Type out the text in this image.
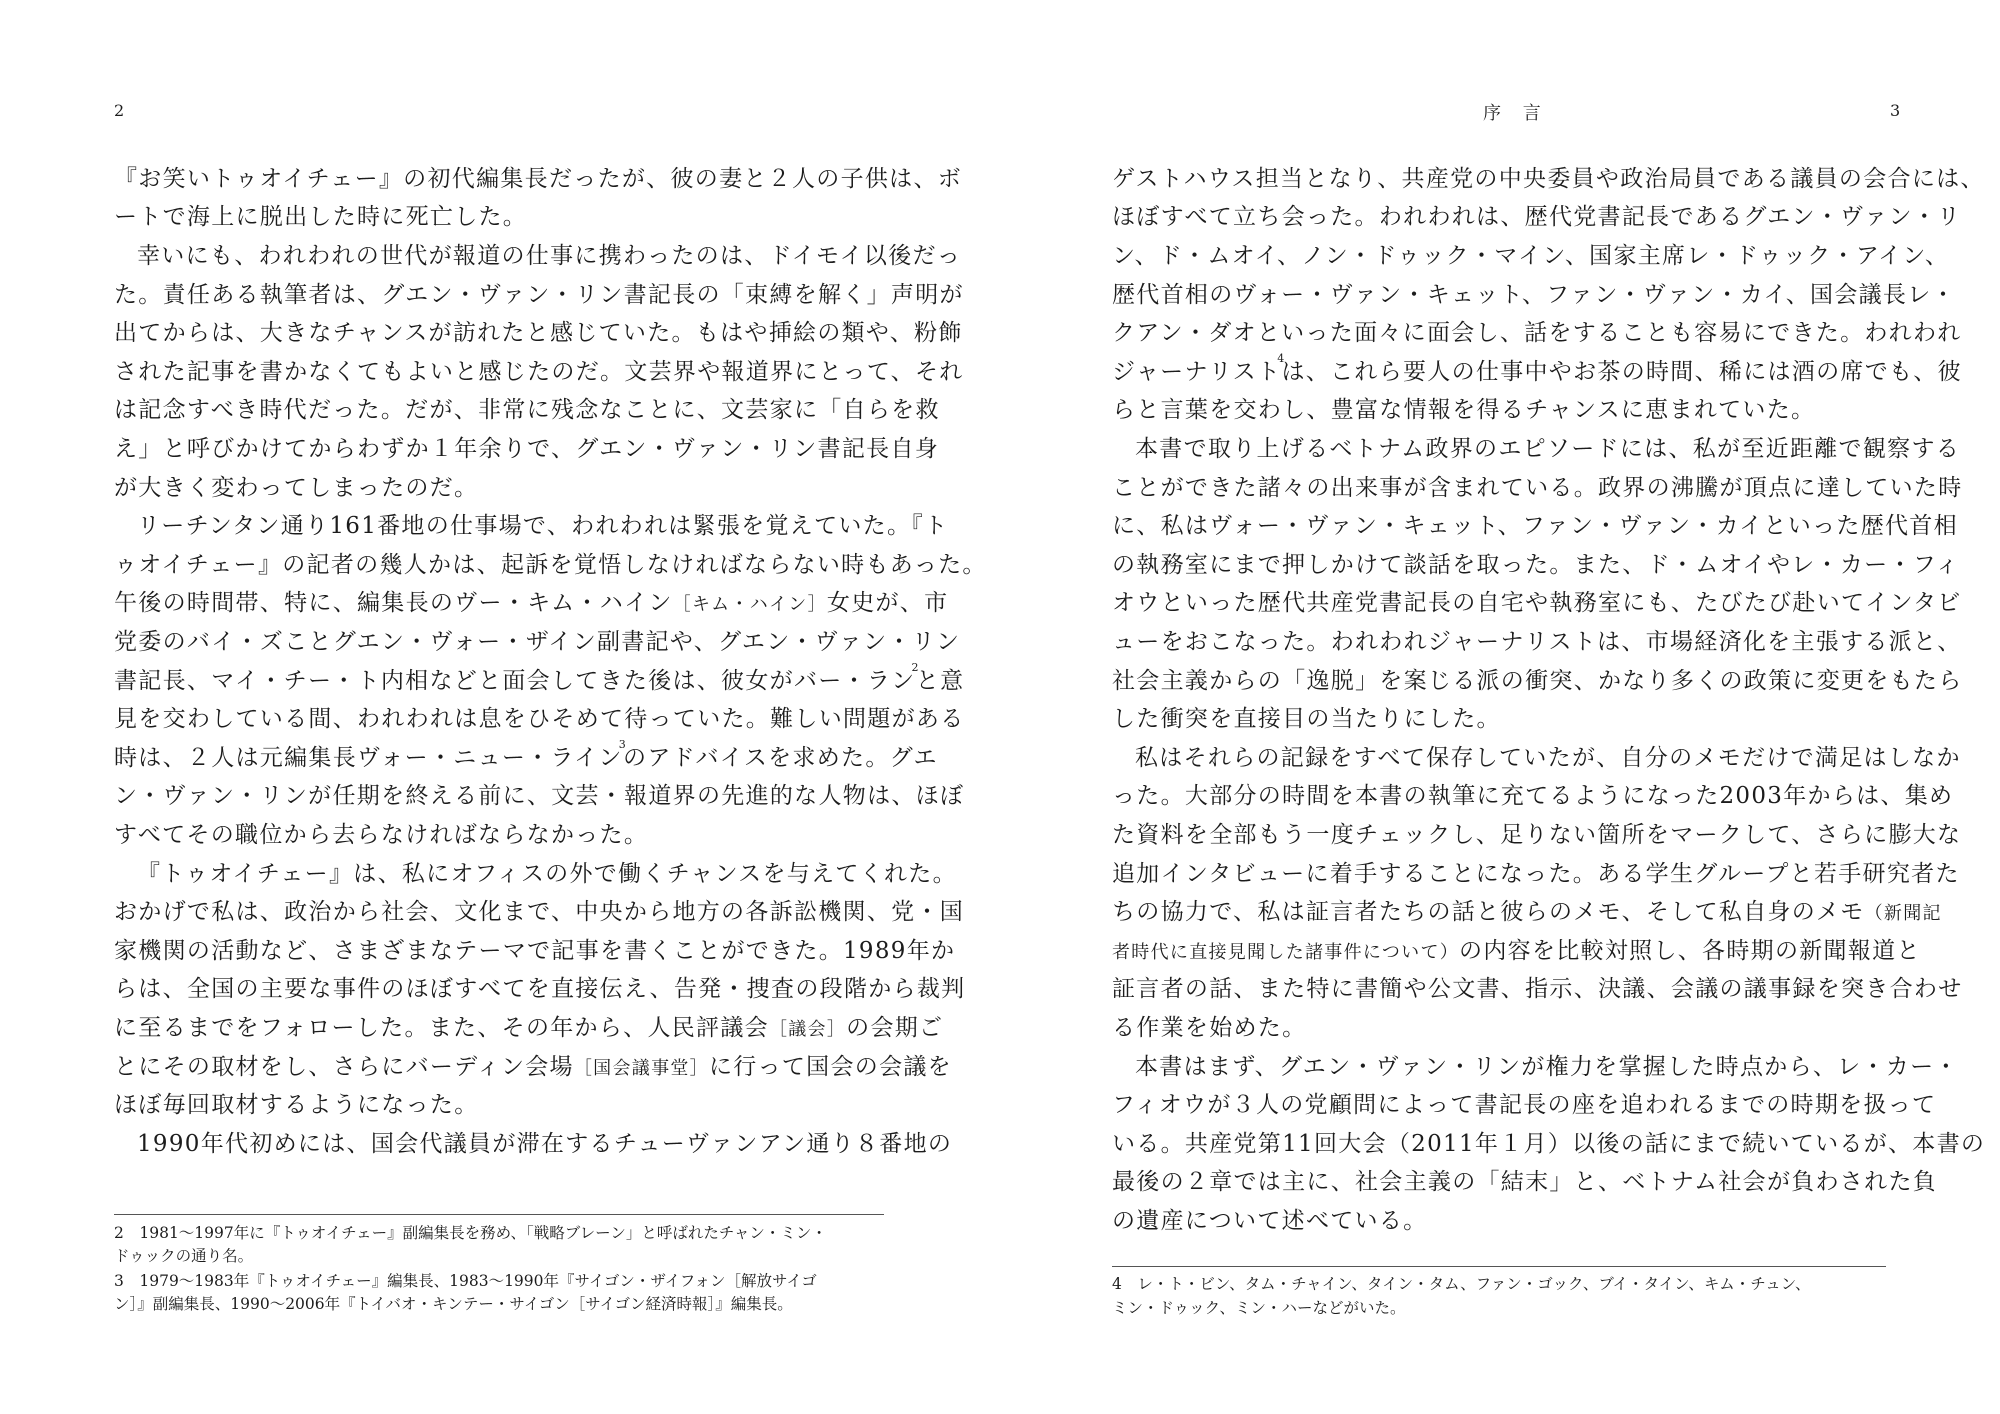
2

『お笑いトゥオイチェー』の初代編集長だったが、彼の妻と２人の子供は、ボ

ートで海上に脱出した時に死亡した。

幸いにも、われわれの世代が報道の仕事に携わったのは、ドイモイ以後だっ

た。責任ある執筆者は、グエン・ヴァン・リン書記長の「束縛を解く」声明が

出てからは、大きなチャンスが訪れたと感じていた。もはや挿絵の類や、粉飾

された記事を書かなくてもよいと感じたのだ。文芸界や報道界にとって、それ

は記念すべき時代だった。だが、非常に残念なことに、文芸家に「自らを救

え」と呼びかけてからわずか１年余りで、グエン・ヴァン・リン書記長自身

が大きく変わってしまったのだ。

リーチンタン通り161番地の仕事場で、われわれは緊張を覚えていた。『ト

ゥオイチェー』の記者の幾人かは、起訴を覚悟しなければならない時もあった。

午後の時間帯、特に、編集長のヴー・キム・ハイン［キム・ハイン］女史が、市

党委のバイ・ズことグエン・ヴォー・ザイン副書記や、グエン・ヴァン・リン

書記長、マイ・チー・ト内相などと面会してきた後は、彼女がバー・ラン$^2$と意

見を交わしている間、われわれは息をひそめて待っていた。難しい問題がある

時は、２人は元編集長ヴォー・ニュー・ライン$^3$のアドバイスを求めた。グエ

ン・ヴァン・リンが任期を終える前に、文芸・報道界の先進的な人物は、ほぼ

すべてその職位から去らなければならなかった。

『トゥオイチェー』は、私にオフィスの外で働くチャンスを与えてくれた。

おかげで私は、政治から社会、文化まで、中央から地方の各訴訟機関、党・国

家機関の活動など、さまざまなテーマで記事を書くことができた。1989年か

らは、全国の主要な事件のほぼすべてを直接伝え、告発・捜査の段階から裁判

に至るまでをフォローした。また、その年から、人民評議会［議会］の会期ご

とにその取材をし、さらにバーディン会場［国会議事堂］に行って国会の会議を

ほぼ毎回取材するようになった。

1990年代初めには、国会代議員が滞在するチューヴァンアン通り８番地の

2　1981〜1997年に『トゥオイチェー』副編集長を務め、「戦略ブレーン」と呼ばれたチャン・ミン・

ドゥックの通り名。

3　1979〜1983年『トゥオイチェー』編集長、1983〜1990年『サイゴン・ザイフォン［解放サイゴ

ン］』副編集長、1990〜2006年『トイバオ・キンテー・サイゴン［サイゴン経済時報］』編集長。

序 言	3

ゲストハウス担当となり、共産党の中央委員や政治局員である議員の会合には、

ほぼすべて立ち会った。われわれは、歴代党書記長であるグエン・ヴァン・リ

ン、ド・ムオイ、ノン・ドゥック・マイン、国家主席レ・ドゥック・アイン、

歴代首相のヴォー・ヴァン・キェット、ファン・ヴァン・カイ、国会議長レ・

クアン・ダオといった面々に面会し、話をすることも容易にできた。われわれ

ジャーナリスト$^4$は、これら要人の仕事中やお茶の時間、稀には酒の席でも、彼

らと言葉を交わし、豊富な情報を得るチャンスに恵まれていた。

本書で取り上げるベトナム政界のエピソードには、私が至近距離で観察する

ことができた諸々の出来事が含まれている。政界の沸騰が頂点に達していた時

に、私はヴォー・ヴァン・キェット、ファン・ヴァン・カイといった歴代首相

の執務室にまで押しかけて談話を取った。また、ド・ムオイやレ・カー・フィ

オウといった歴代共産党書記長の自宅や執務室にも、たびたび赴いてインタビ

ューをおこなった。われわれジャーナリストは、市場経済化を主張する派と、

社会主義からの「逸脱」を案じる派の衝突、かなり多くの政策に変更をもたら

した衝突を直接目の当たりにした。

私はそれらの記録をすべて保存していたが、自分のメモだけで満足はしなか

った。大部分の時間を本書の執筆に充てるようになった2003年からは、集め

た資料を全部もう一度チェックし、足りない箇所をマークして、さらに膨大な

追加インタビューに着手することになった。ある学生グループと若手研究者た

ちの協力で、私は証言者たちの話と彼らのメモ、そして私自身のメモ（新聞記

者時代に直接見聞した諸事件について）の内容を比較対照し、各時期の新聞報道と

証言者の話、また特に書簡や公文書、指示、決議、会議の議事録を突き合わせ

る作業を始めた。

本書はまず、グエン・ヴァン・リンが権力を掌握した時点から、レ・カー・

フィオウが３人の党顧問によって書記長の座を追われるまでの時期を扱って

いる。共産党第11回大会（2011年１月）以後の話にまで続いているが、本書の

最後の２章では主に、社会主義の「結末」と、ベトナム社会が負わされた負

の遺産について述べている。

4　レ・ト・ビン、タム・チャイン、タイン・タム、ファン・ゴック、ブイ・タイン、キム・チュン、

ミン・ドゥック、ミン・ハーなどがいた。
